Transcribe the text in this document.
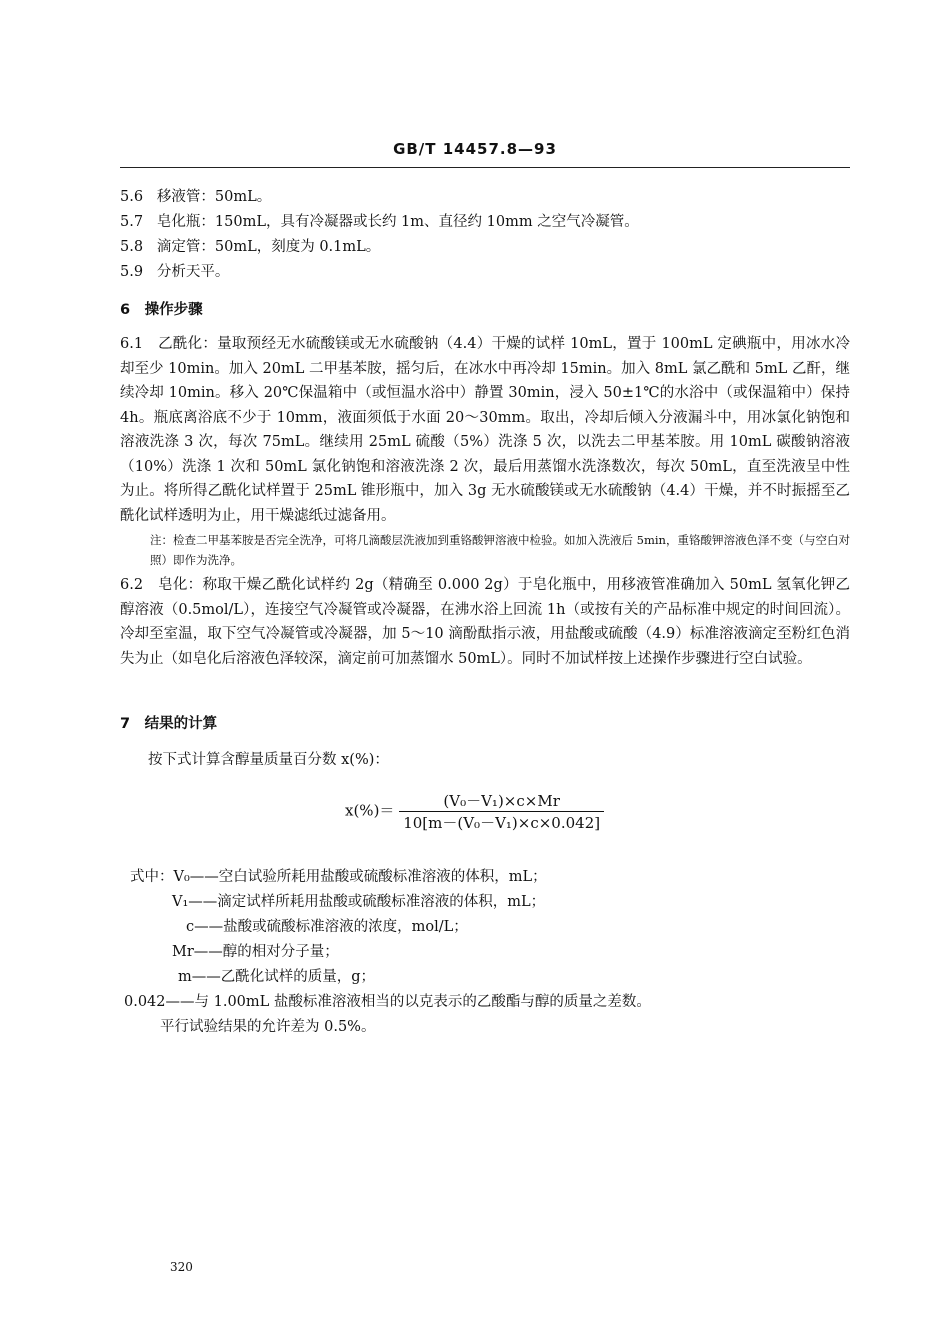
GB/T 14457.8—93
5.6 移液管：50mL。
5.7 皂化瓶：150mL，具有冷凝器或长约 1m、直径约 10mm 之空气冷凝管。
5.8 滴定管：50mL，刻度为 0.1mL。
5.9 分析天平。
6　操作步骤
6.1　乙酰化：量取预经无水硫酸镁或无水硫酸钠（4.4）干燥的试样 10mL，置于 100mL 定碘瓶中，用冰水冷却至少 10min。加入 20mL 二甲基苯胺，摇匀后，在冰水中再冷却 15min。加入 8mL 氯乙酰和 5mL 乙酐，继续冷却 10min。移入 20℃保温箱中（或恒温水浴中）静置 30min，浸入 50±1℃的水浴中（或保温箱中）保持 4h。瓶底离浴底不少于 10mm，液面须低于水面 20～30mm。取出，冷却后倾入分液漏斗中，用冰氯化钠饱和溶液洗涤 3 次，每次 75mL。继续用 25mL 硫酸（5%）洗涤 5 次，以洗去二甲基苯胺。用 10mL 碳酸钠溶液（10%）洗涤 1 次和 50mL 氯化钠饱和溶液洗涤 2 次，最后用蒸馏水洗涤数次，每次 50mL，直至洗液呈中性为止。将所得乙酰化试样置于 25mL 锥形瓶中，加入 3g 无水硫酸镁或无水硫酸钠（4.4）干燥，并不时振摇至乙酰化试样透明为止，用干燥滤纸过滤备用。
注：检查二甲基苯胺是否完全洗净，可将几滴酸层洗液加到重铬酸钾溶液中检验。如加入洗液后 5min，重铬酸钾溶液色泽不变（与空白对照）即作为洗净。
6.2　皂化：称取干燥乙酰化试样约 2g（精确至 0.000 2g）于皂化瓶中，用移液管准确加入 50mL 氢氧化钾乙醇溶液（0.5mol/L），连接空气冷凝管或冷凝器，在沸水浴上回流 1h（或按有关的产品标准中规定的时间回流）。冷却至室温，取下空气冷凝管或冷凝器，加 5～10 滴酚酞指示液，用盐酸或硫酸（4.9）标准溶液滴定至粉红色消失为止（如皂化后溶液色泽较深，滴定前可加蒸馏水 50mL）。同时不加试样按上述操作步骤进行空白试验。
7　结果的计算
按下式计算含醇量质量百分数 x(%)：
$x(\%)= \frac{\text{(V₀－V₁)×c×Mr}}{\text{10[m－(V₀－V₁)×c×0.042]}}$
式中：V₀——空白试验所耗用盐酸或硫酸标准溶液的体积，mL；
V₁——滴定试样所耗用盐酸或硫酸标准溶液的体积，mL；
c——盐酸或硫酸标准溶液的浓度，mol/L；
Mr——醇的相对分子量；
m——乙酰化试样的质量，g；
0.042——与 1.00mL 盐酸标准溶液相当的以克表示的乙酸酯与醇的质量之差数。
平行试验结果的允许差为 0.5%。
320
